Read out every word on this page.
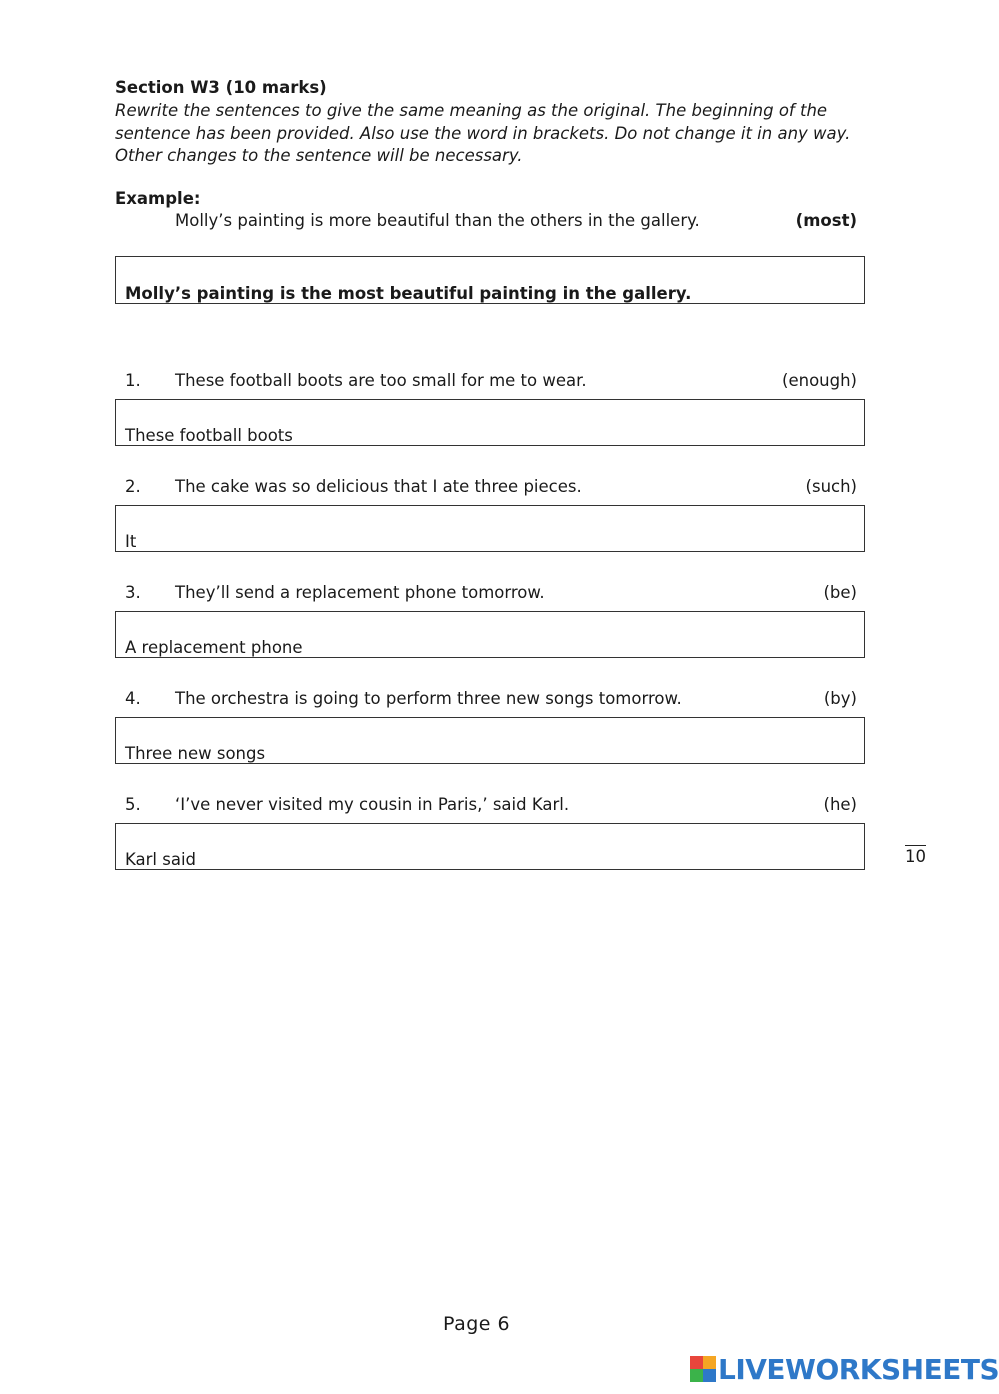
Section W3 (10 marks)
Rewrite the sentences to give the same meaning as the original. The beginning of the sentence has been provided. Also use the word in brackets. Do not change it in any way. Other changes to the sentence will be necessary.
Example:
Molly’s painting is more beautiful than the others in the gallery.	(most)
Molly’s painting is the most beautiful painting in the gallery.
1. These football boots are too small for me to wear.	(enough)
These football boots
2. The cake was so delicious that I ate three pieces.	(such)
It
3. They’ll send a replacement phone tomorrow.	(be)
A replacement phone
4. The orchestra is going to perform three new songs tomorrow.	(by)
Three new songs
5. ‘I’ve never visited my cousin in Paris,’ said Karl.	(he)
Karl said	10
Page 6
LIVEWORKSHEETS
